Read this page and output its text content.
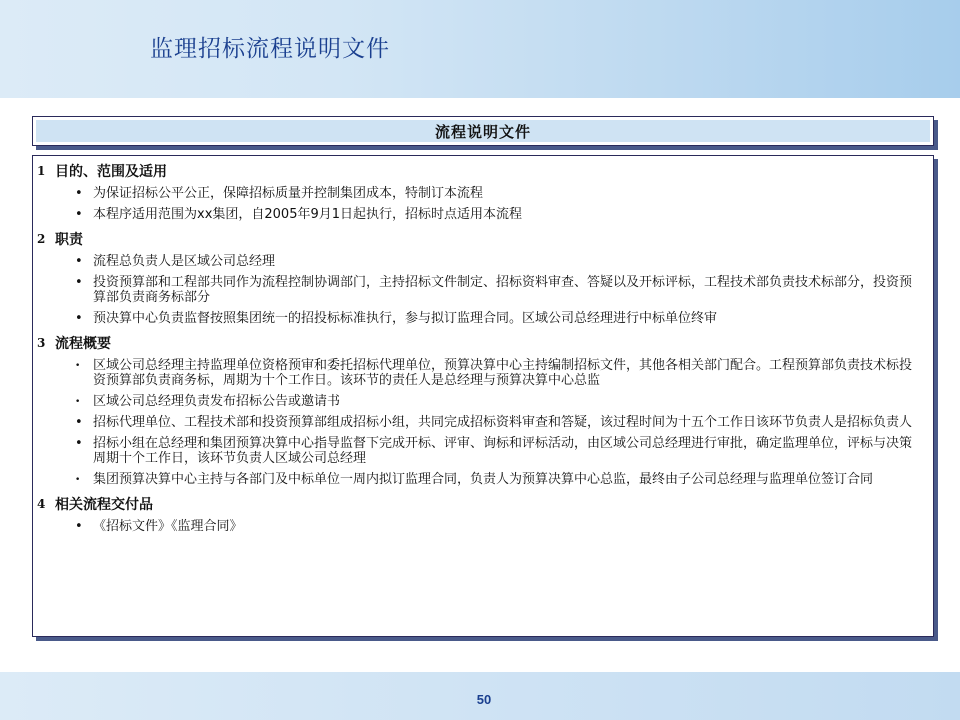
监理招标流程说明文件
流程说明文件
1 目的、范围及适用
• 为保证招标公平公正，保障招标质量并控制集团成本，特制订本流程
• 本程序适用范围为xx集团，自2005年9月1日起执行，招标时点适用本流程
2 职责
• 流程总负责人是区域公司总经理
• 投资预算部和工程部共同作为流程控制协调部门，主持招标文件制定、招标资料审查、答疑以及开标评标，工程技术部负责技术标部分，投资预算部负责商务标部分
• 预决算中心负责监督按照集团统一的招投标标准执行，参与拟订监理合同。区域公司总经理进行中标单位终审
3 流程概要
• 区域公司总经理主持监理单位资格预审和委托招标代理单位，预算决算中心主持编制招标文件，其他各相关部门配合。工程预算部负责技术标投资预算部负责商务标，周期为十个工作日。该环节的责任人是总经理与预算决算中心总监
• 区域公司总经理负责发布招标公告或邀请书
• 招标代理单位、工程技术部和投资预算部组成招标小组，共同完成招标资料审查和答疑，该过程时间为十五个工作日该环节负责人是招标负责人
• 招标小组在总经理和集团预算决算中心指导监督下完成开标、评审、询标和评标活动，由区域公司总经理进行审批，确定监理单位，评标与决策周期十个工作日，该环节负责人区域公司总经理
• 集团预算决算中心主持与各部门及中标单位一周内拟订监理合同，负责人为预算决算中心总监，最终由子公司总经理与监理单位签订合同
4 相关流程交付品
• 《招标文件》《监理合同》
50
